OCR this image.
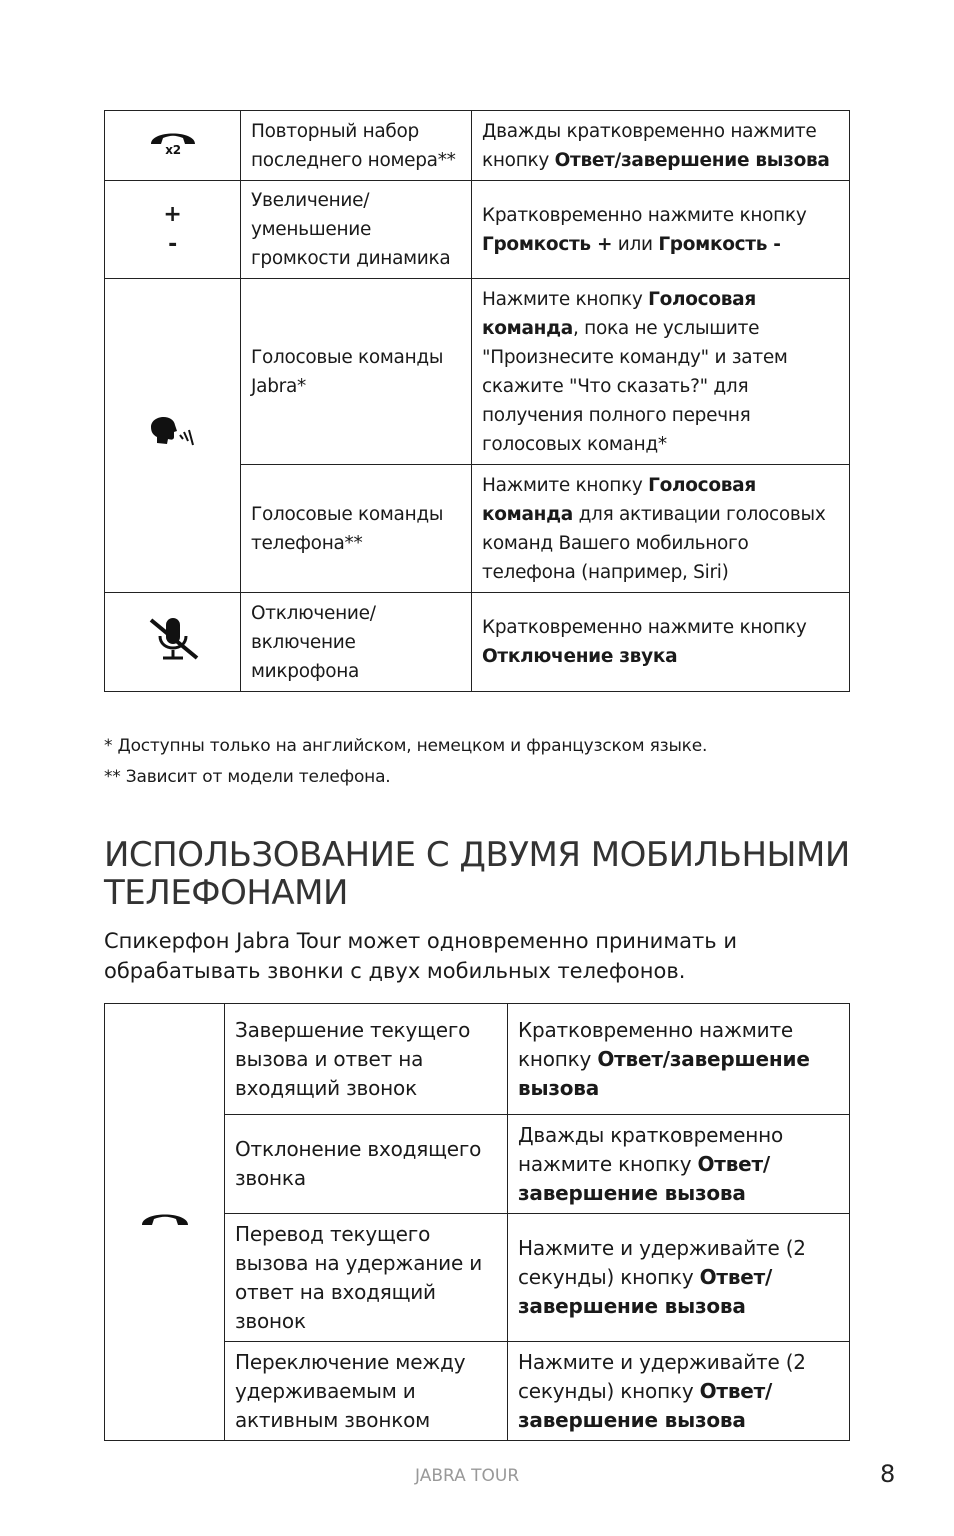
x2	Повторный набор последнего номера**	Дважды кратковременно нажмите кнопку Ответ/завершение вызова

+
-	Увеличение/ уменьшение громкости динамика	Кратковременно нажмите кнопку Громкость + или Громкость -
	Голосовые команды Jabra*	Нажмите кнопку Голосовая команда, пока не услышите "Произнесите команду" и затем скажите "Что сказать?" для получения полного перечня голосовых команд*
	Голосовые команды телефона**	Нажмите кнопку Голосовая команда для активации голосовых команд Вашего мобильного телефона (например, Siri)
	Отключение/ включение микрофона	Кратковременно нажмите кнопку Отключение звука
* Доступны только на английском, немецком и французском языке.
** Зависит от модели телефона.
ИСПОЛЬЗОВАНИЕ С ДВУМЯ МОБИЛЬНЫМИ ТЕЛЕФОНАМИ

Спикерфон Jabra Tour может одновременно принимать и обрабатывать звонки с двух мобильных телефонов.

	Завершение текущего вызова и ответ на входящий звонок	Кратковременно нажмите кнопку Ответ/завершение вызова
	Отклонение входящего звонка	Дважды кратковременно нажмите кнопку Ответ/ завершение вызова
	Перевод текущего вызова на удержание и ответ на входящий звонок	Нажмите и удерживайте (2 секунды) кнопку Ответ/ завершение вызова
	Переключение между удерживаемым и активным звонком	Нажмите и удерживайте (2 секунды) кнопку Ответ/ завершение вызова
JABRA TOUR	8
